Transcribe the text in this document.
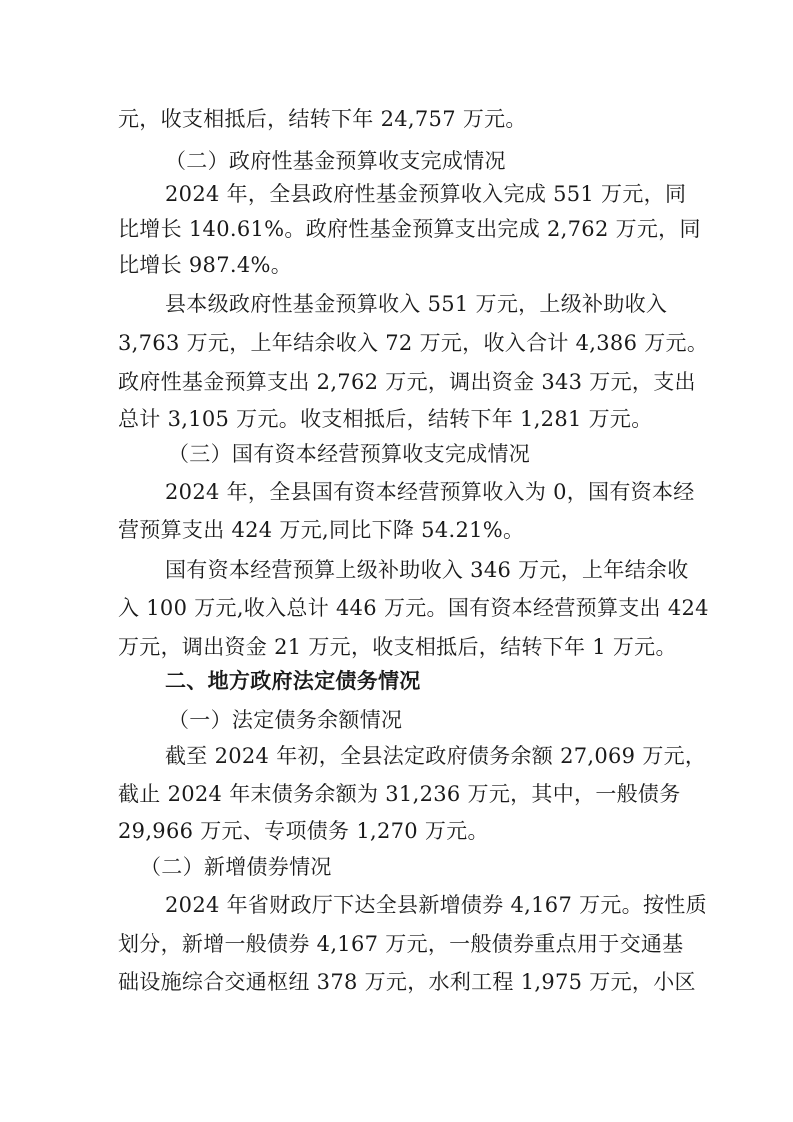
元，收支相抵后，结转下年 24,757 万元。
（二）政府性基金预算收支完成情况
2024 年，全县政府性基金预算收入完成 551 万元，同
比增长 140.61%。政府性基金预算支出完成 2,762 万元，同
比增长 987.4%。
县本级政府性基金预算收入 551 万元，上级补助收入
3,763 万元，上年结余收入 72 万元，收入合计 4,386 万元。
政府性基金预算支出 2,762 万元，调出资金 343 万元，支出
总计 3,105 万元。收支相抵后，结转下年 1,281 万元。
（三）国有资本经营预算收支完成情况
2024 年，全县国有资本经营预算收入为 0，国有资本经
营预算支出 424 万元,同比下降 54.21%。
国有资本经营预算上级补助收入 346 万元，上年结余收
入 100 万元,收入总计 446 万元。国有资本经营预算支出 424
万元，调出资金 21 万元，收支相抵后，结转下年 1 万元。
二、地方政府法定债务情况
（一）法定债务余额情况
截至 2024 年初，全县法定政府债务余额 27,069 万元，
截止 2024 年末债务余额为 31,236 万元，其中，一般债务
29,966 万元、专项债务 1,270 万元。
（二）新增债券情况
2024 年省财政厅下达全县新增债券 4,167 万元。按性质
划分，新增一般债券 4,167 万元，一般债券重点用于交通基
础设施综合交通枢纽 378 万元，水利工程 1,975 万元，小区
